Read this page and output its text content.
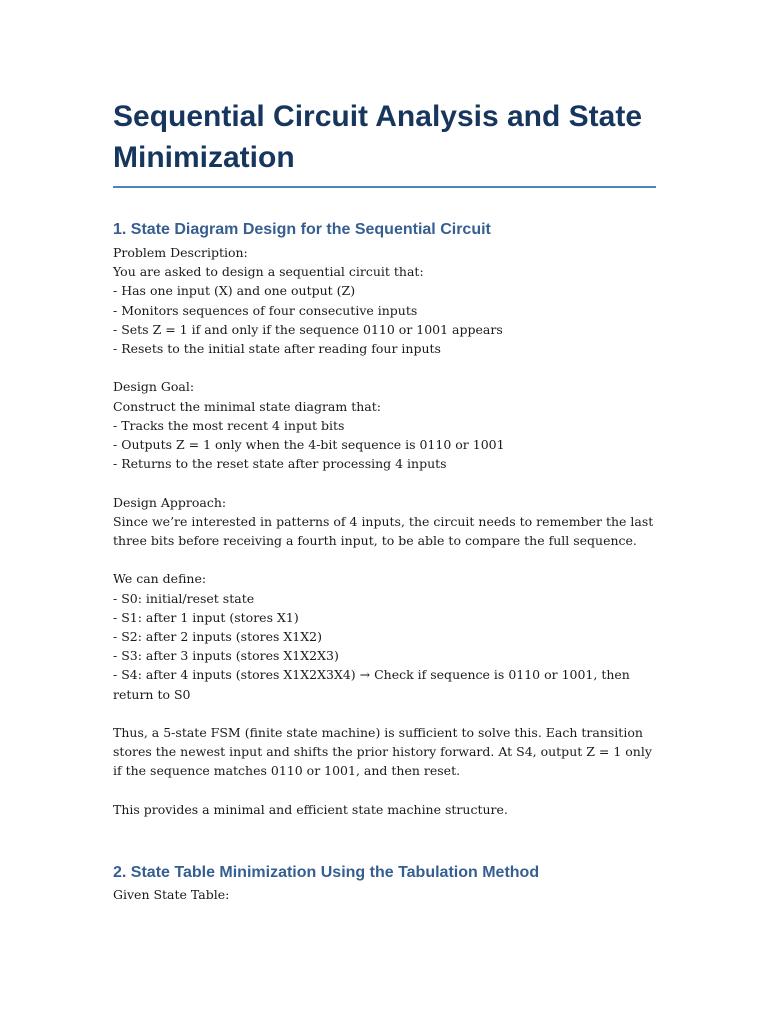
Sequential Circuit Analysis and State Minimization
1. State Diagram Design for the Sequential Circuit

Problem Description:

You are asked to design a sequential circuit that:

- Has one input (X) and one output (Z)

- Monitors sequences of four consecutive inputs

- Sets Z = 1 if and only if the sequence 0110 or 1001 appears

- Resets to the initial state after reading four inputs

Design Goal:

Construct the minimal state diagram that:

- Tracks the most recent 4 input bits

- Outputs Z = 1 only when the 4-bit sequence is 0110 or 1001

- Returns to the reset state after processing 4 inputs

Design Approach:

Since we’re interested in patterns of 4 inputs, the circuit needs to remember the last three bits before receiving a fourth input, to be able to compare the full sequence.

We can define:

- S0: initial/reset state

- S1: after 1 input (stores X1)

- S2: after 2 inputs (stores X1X2)

- S3: after 3 inputs (stores X1X2X3)

- S4: after 4 inputs (stores X1X2X3X4) → Check if sequence is 0110 or 1001, then return to S0

Thus, a 5-state FSM (finite state machine) is sufficient to solve this. Each transition stores the newest input and shifts the prior history forward. At S4, output Z = 1 only if the sequence matches 0110 or 1001, and then reset.

This provides a minimal and efficient state machine structure.

2. State Table Minimization Using the Tabulation Method

Given State Table:
